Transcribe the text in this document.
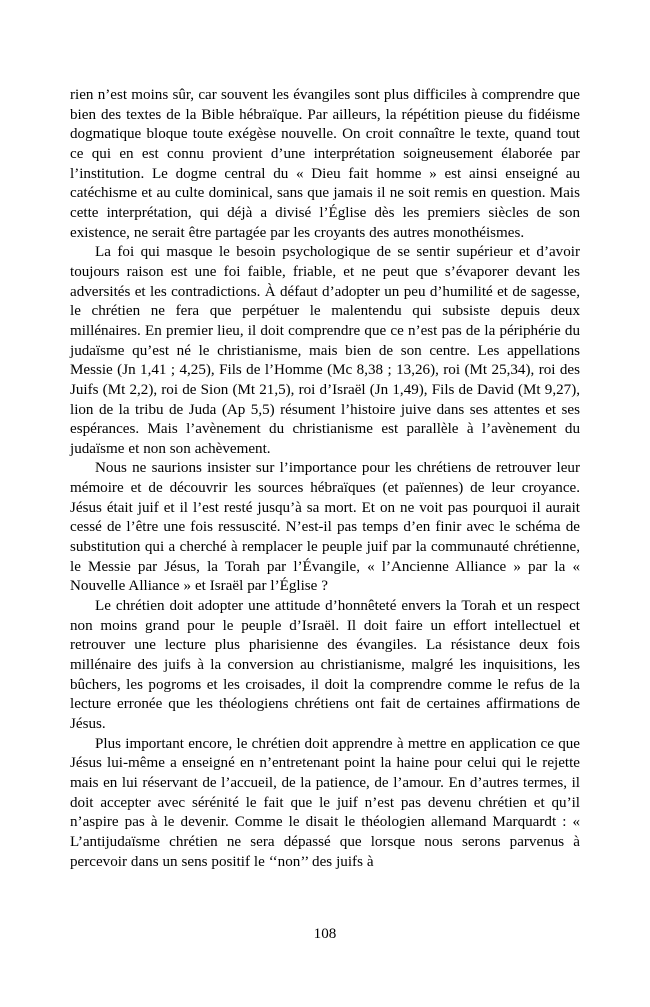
rien n’est moins sûr, car souvent les évangiles sont plus difficiles à comprendre que bien des textes de la Bible hébraïque. Par ailleurs, la répétition pieuse du fidéisme dogmatique bloque toute exégèse nouvelle. On croit connaître le texte, quand tout ce qui en est connu provient d’une interprétation soigneusement élaborée par l’institution. Le dogme central du « Dieu fait homme » est ainsi enseigné au catéchisme et au culte dominical, sans que jamais il ne soit remis en question. Mais cette interprétation, qui déjà a divisé l’Église dès les premiers siècles de son existence, ne serait être partagée par les croyants des autres monothéismes.

La foi qui masque le besoin psychologique de se sentir supérieur et d’avoir toujours raison est une foi faible, friable, et ne peut que s’évaporer devant les adversités et les contradictions. À défaut d’adopter un peu d’humilité et de sagesse, le chrétien ne fera que perpétuer le malentendu qui subsiste depuis deux millénaires. En premier lieu, il doit comprendre que ce n’est pas de la périphérie du judaïsme qu’est né le christianisme, mais bien de son centre. Les appellations Messie (Jn 1,41 ; 4,25), Fils de l’Homme (Mc 8,38 ; 13,26), roi (Mt 25,34), roi des Juifs (Mt 2,2), roi de Sion (Mt 21,5), roi d’Israël (Jn 1,49), Fils de David (Mt 9,27), lion de la tribu de Juda (Ap 5,5) résument l’histoire juive dans ses attentes et ses espérances. Mais l’avènement du christianisme est parallèle à l’avènement du judaïsme et non son achèvement.

Nous ne saurions insister sur l’importance pour les chrétiens de retrouver leur mémoire et de découvrir les sources hébraïques (et païennes) de leur croyance. Jésus était juif et il l’est resté jusqu’à sa mort. Et on ne voit pas pourquoi il aurait cessé de l’être une fois ressuscité. N’est-il pas temps d’en finir avec le schéma de substitution qui a cherché à remplacer le peuple juif par la communauté chrétienne, le Messie par Jésus, la Torah par l’Évangile, « l’Ancienne Alliance » par la « Nouvelle Alliance » et Israël par l’Église ?

Le chrétien doit adopter une attitude d’honnêteté envers la Torah et un respect non moins grand pour le peuple d’Israël. Il doit faire un effort intellectuel et retrouver une lecture plus pharisienne des évangiles. La résistance deux fois millénaire des juifs à la conversion au christianisme, malgré les inquisitions, les bûchers, les pogroms et les croisades, il doit la comprendre comme le refus de la lecture erronée que les théologiens chrétiens ont fait de certaines affirmations de Jésus.

Plus important encore, le chrétien doit apprendre à mettre en application ce que Jésus lui-même a enseigné en n’entretenant point la haine pour celui qui le rejette mais en lui réservant de l’accueil, de la patience, de l’amour. En d’autres termes, il doit accepter avec sérénité le fait que le juif n’est pas devenu chrétien et qu’il n’aspire pas à le devenir. Comme le disait le théologien allemand Marquardt : « L’antijudaïsme chrétien ne sera dépassé que lorsque nous serons parvenus à percevoir dans un sens positif le ‘‘non’’ des juifs à

108
